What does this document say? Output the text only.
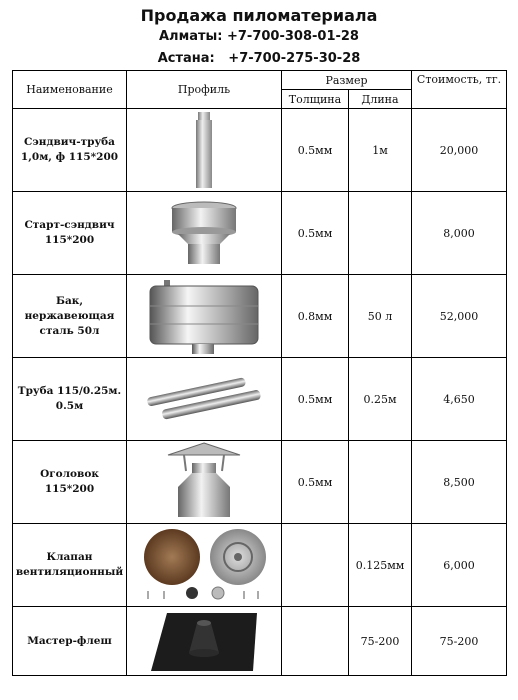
Продажа пиломатериала
Алматы: +7-700-308-01-28
Астана:   +7-700-275-30-28
Наименование	Профиль	Размер		Стоимость, тг.
		Толщина	Длина	
Сэндвич-труба 1,0м, ф 115*200		0.5мм	1м	20,000
Старт-сэндвич 115*200		0.5мм		8,000
Бак, нержавеющая сталь 50л		0.8мм	50 л	52,000
Труба 115/0.25м. 0.5м		0.5мм	0.25м	4,650
Оголовок 115*200		0.5мм		8,500
Клапан вентиляционный			0.125мм	6,000
Мастер-флеш			75-200	75-200
